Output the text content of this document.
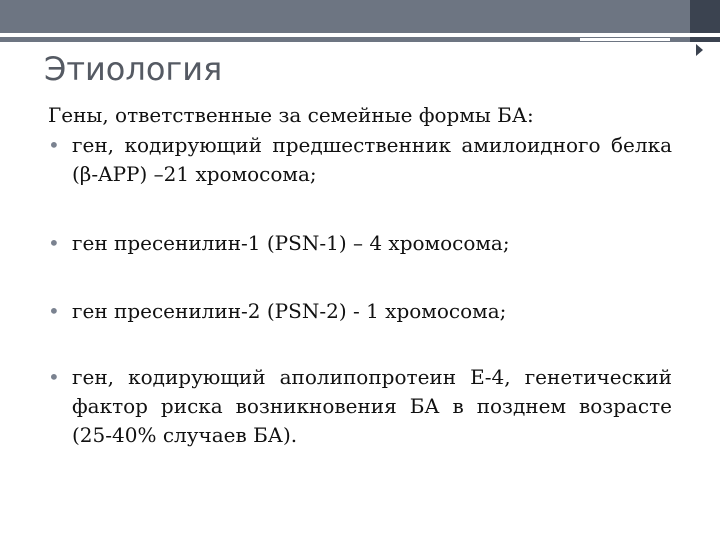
Этиология

Гены, ответственные за семейные формы БА:

• ген, кодирующий предшественник амилоидного белка (β-APP) –21 хромосома;
• ген пресенилин-1 (PSN-1) – 4 хромосома;
• ген пресенилин-2 (PSN-2) - 1 хромосома;
• ген, кодирующий аполипопротеин Е-4, генетический фактор риска возникновения БА в позднем возрасте (25-40% случаев БА).
